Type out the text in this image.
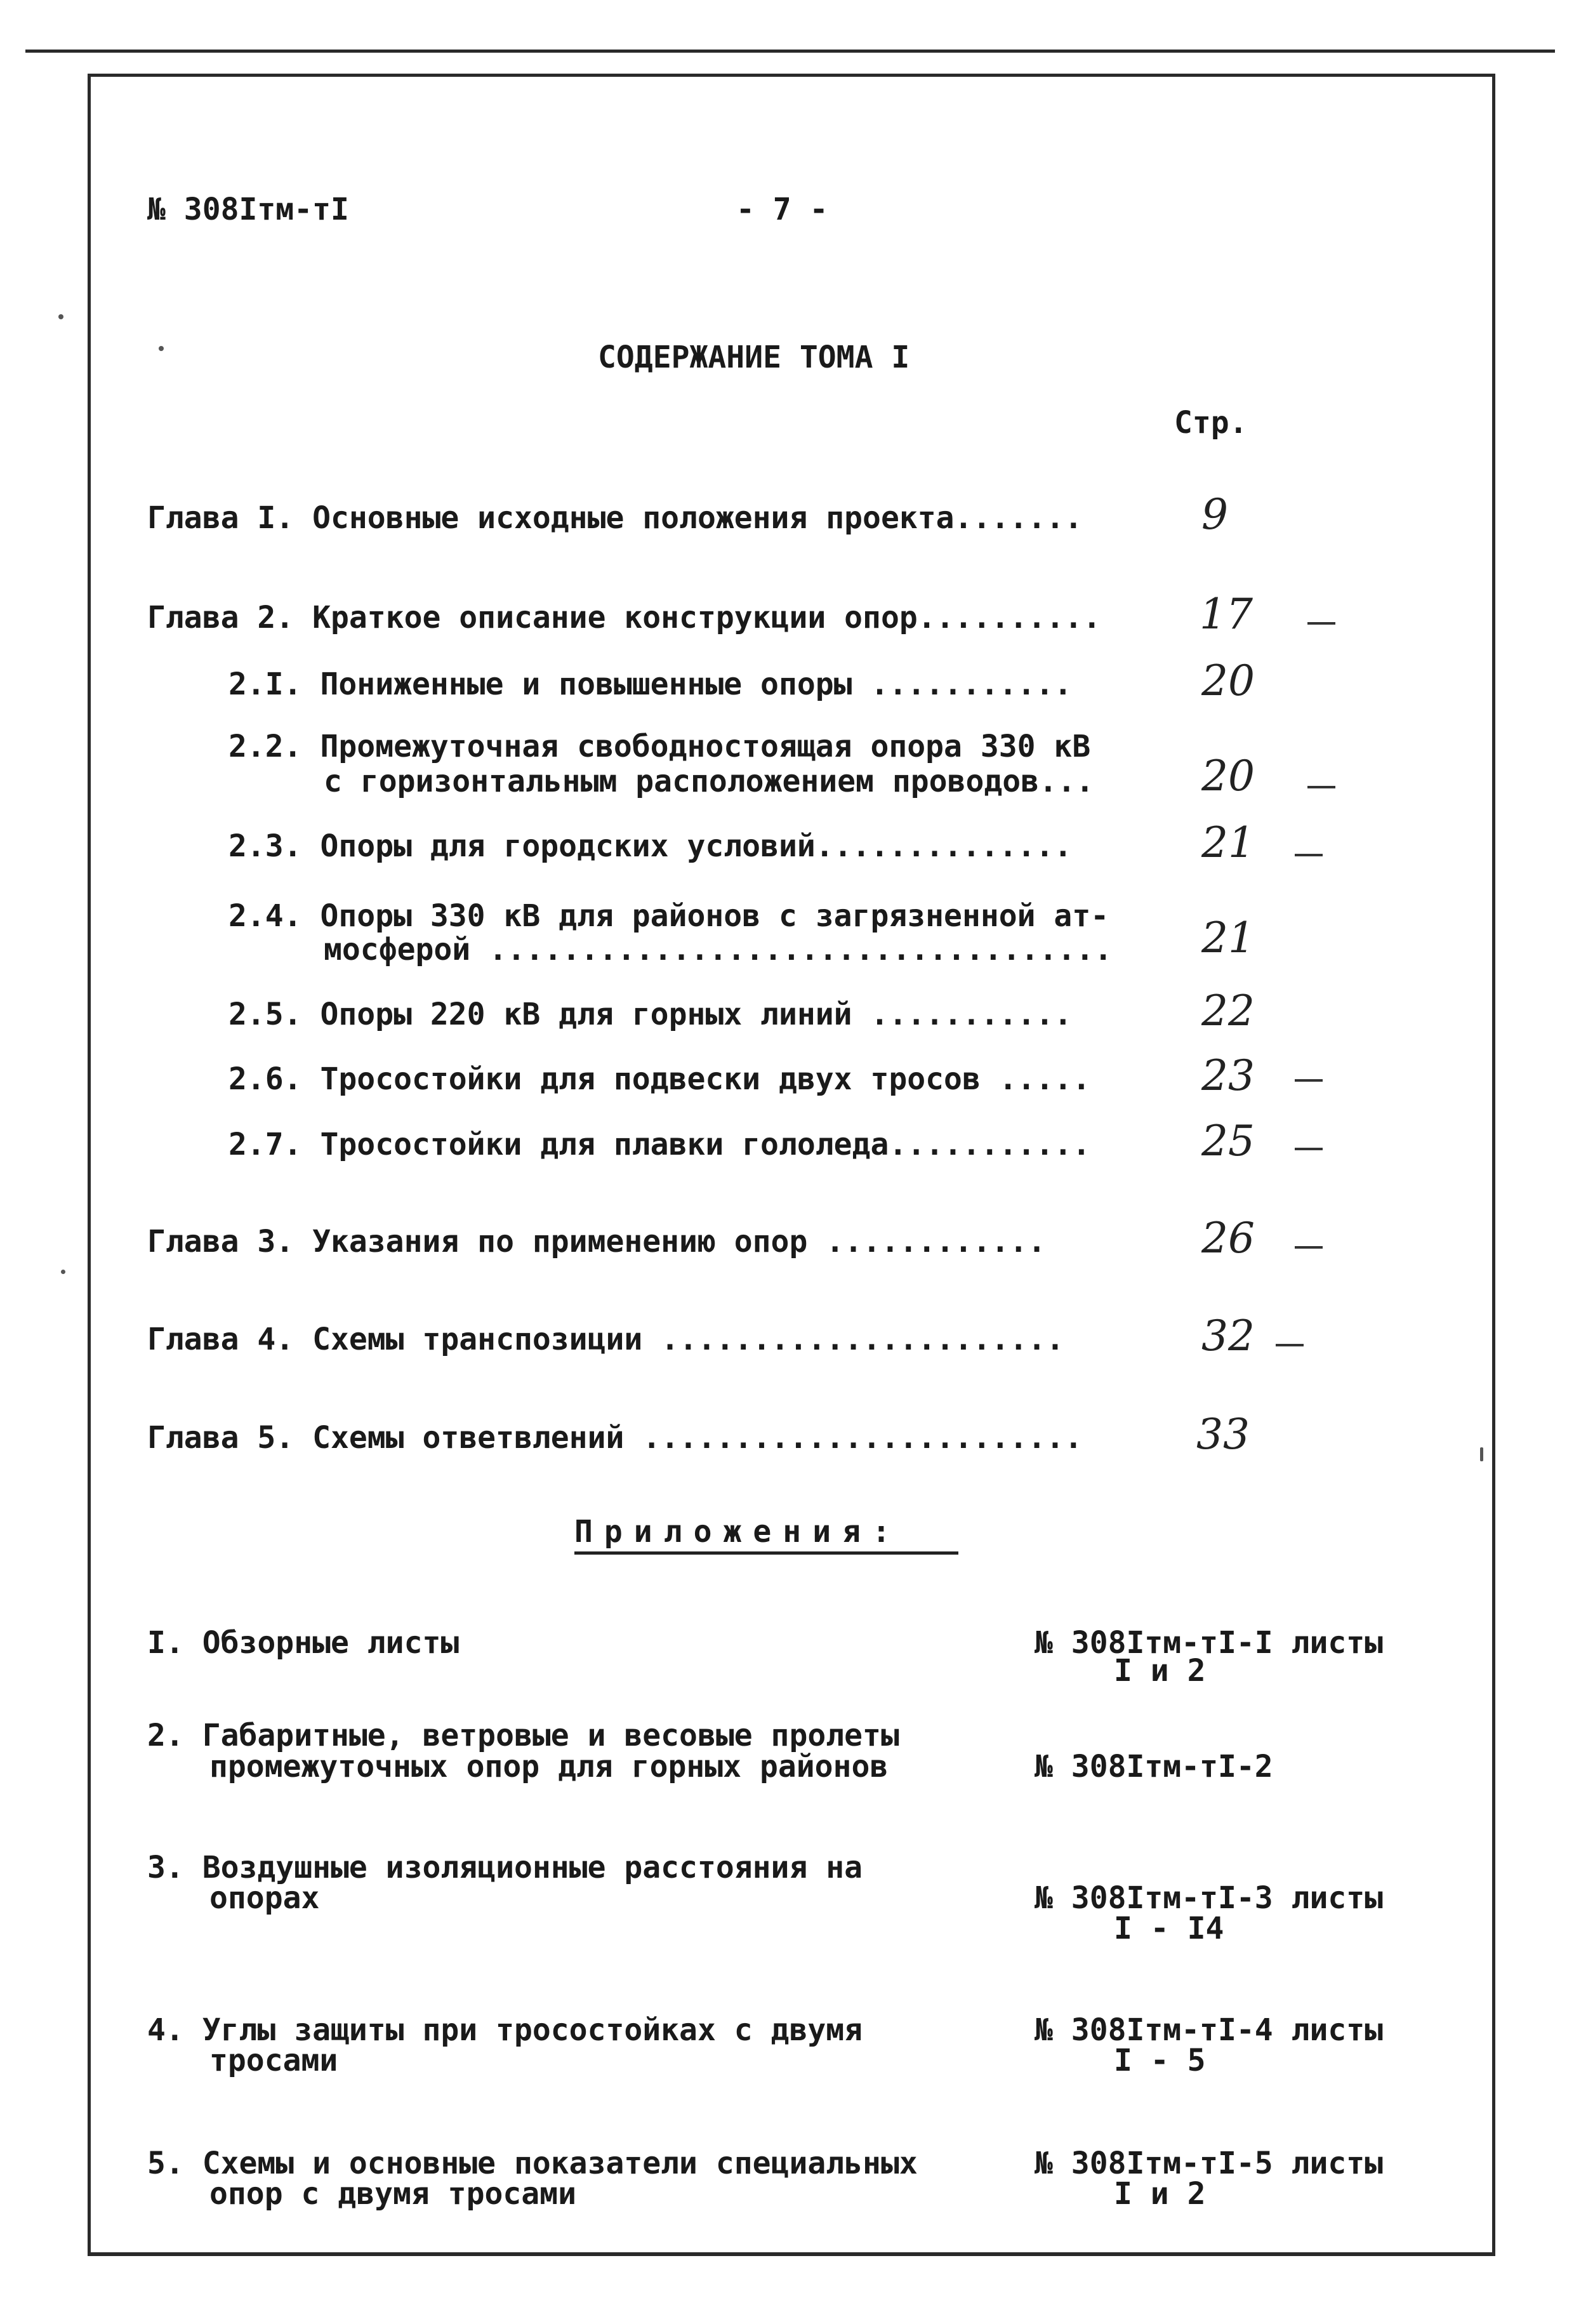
№ 308Iтм-тI	- 7 -
СОДЕРЖАНИЕ ТОМА I
Стр.
Глава I. Основные исходные положения проекта.......	9
Глава 2. Краткое описание конструкции опор.......... 17
2.I. Пониженные и повышенные опоры ...........	20
2.2. Промежуточная свободностоящая опора 330 кВ
с горизонтальным расположением проводов...	20
2.3. Опоры для городских условий..............	21
2.4. Опоры 330 кВ для районов с загрязненной ат-
мосферой .................................. 21
2.5. Опоры 220 кВ для горных линий ...........	22
2.6. Тросостойки для подвески двух тросов .....	23
2.7. Тросостойки для плавки гололеда...........	25
Глава 3. Указания по применению опор ............	26
Глава 4. Схемы транспозиции ......................	32
Глава 5. Схемы ответвлений ........................	33
Приложения:
I. Обзорные листы	№ 308Iтм-тI-I листы
I и 2
2. Габаритные, ветровые и весовые пролеты
промежуточных опор для горных районов	№ 308Iтм-тI-2
3. Воздушные изоляционные расстояния на
опорах	№ 308Iтм-тI-3 листы
I - I4
4. Углы защиты при тросостойках с двумя
тросами
№ 308Iтм-тI-4 листы
I - 5
5. Схемы и основные показатели специальных
опор с двумя тросами
№ 308Iтм-тI-5 листы
I и 2
